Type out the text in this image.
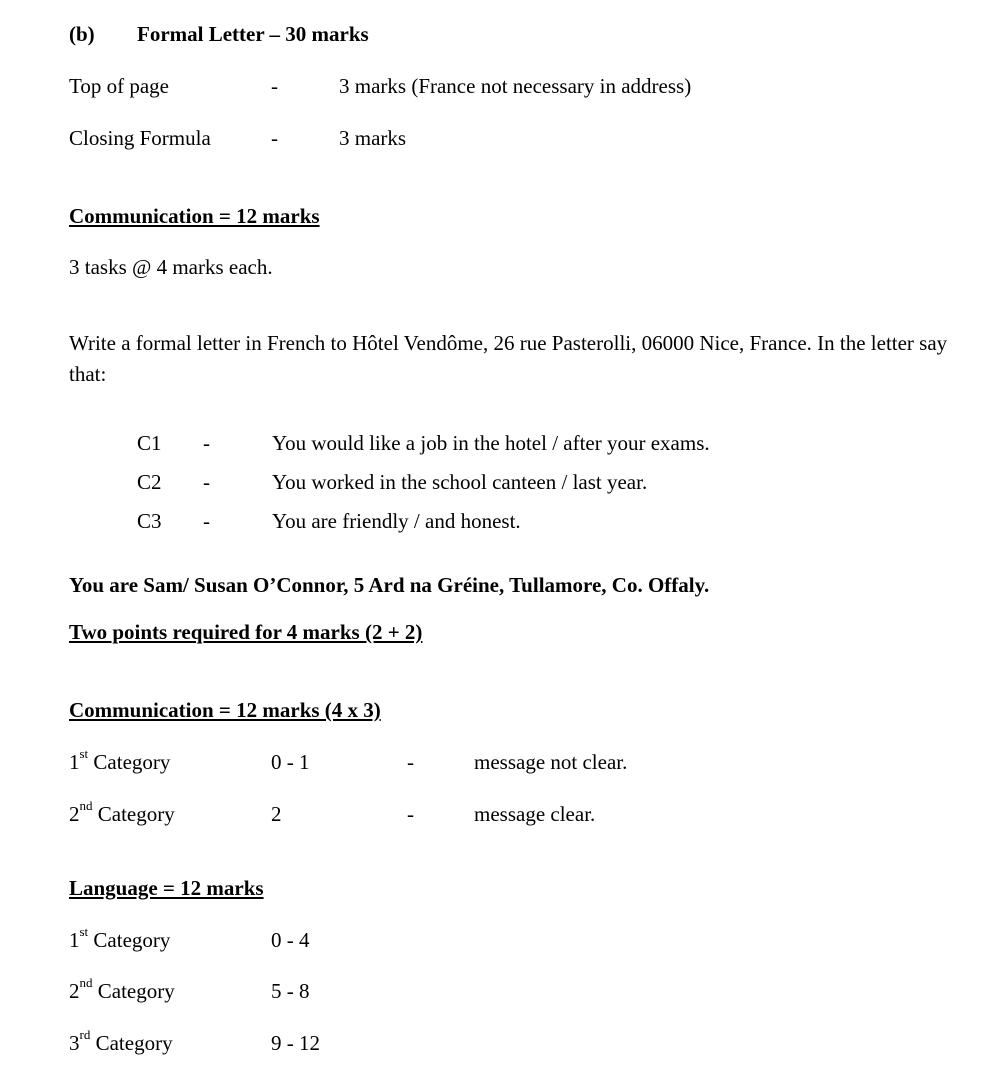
(b) Formal Letter – 30 marks
Top of page	-	3 marks (France not necessary in address)
Closing Formula	-	3 marks
Communication = 12 marks
3 tasks @ 4 marks each.
Write a formal letter in French to Hôtel Vendôme, 26 rue Pasterolli, 06000 Nice, France. In the letter say that:
C1 -	You would like a job in the hotel / after your exams.
C2 -	You worked in the school canteen / last year.
C3 -	You are friendly / and honest.
You are Sam/ Susan O’Connor, 5 Ard na Gréine, Tullamore, Co. Offaly.
Two points required for 4 marks (2 + 2)
Communication = 12 marks (4 x 3)
1st Category	0 - 1	-	message not clear.
2nd Category	2	-	message clear.
Language = 12 marks
1st Category	0 - 4
2nd Category	5 - 8
3rd Category	9 - 12
